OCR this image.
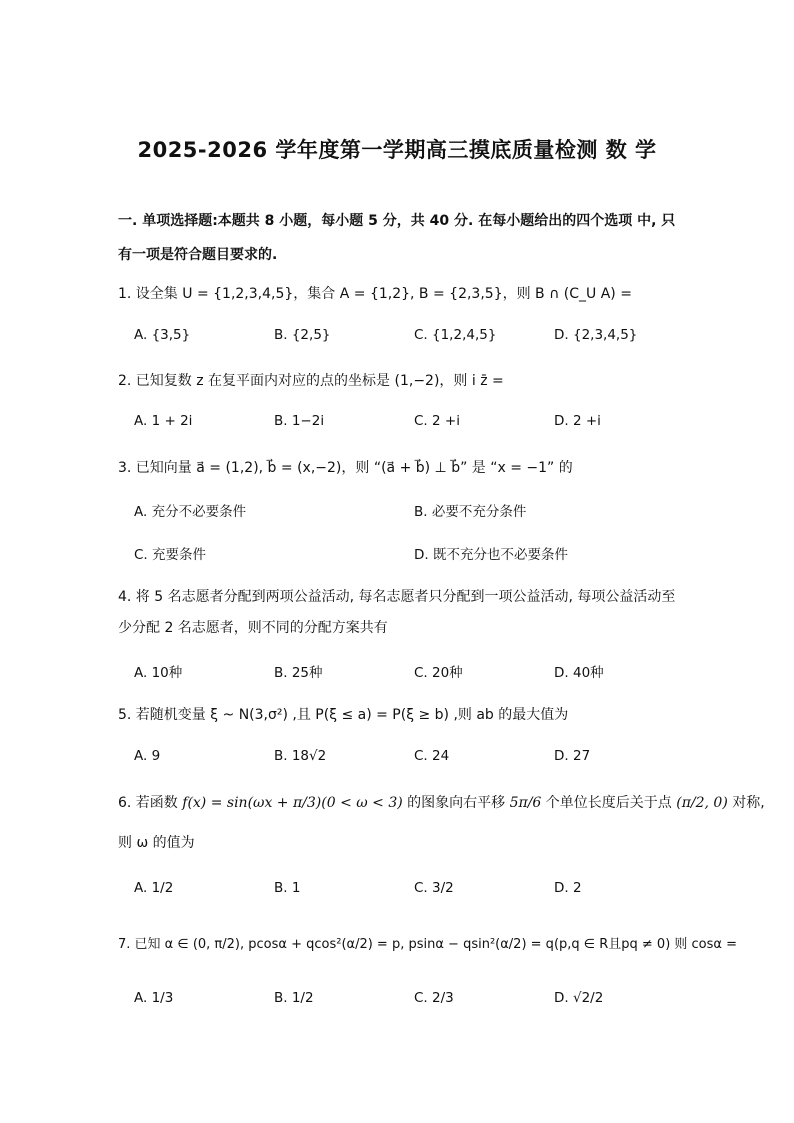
2025-2026 学年度第一学期高三摸底质量检测 数 学
一. 单项选择题:本题共 8 小题，每小题 5 分，共 40 分. 在每小题给出的四个选项 中, 只有一项是符合题目要求的.
1. 设全集 U = {1,2,3,4,5}，集合 A = {1,2}, B = {2,3,5}，则 B ∩ (C_U A) =
A. {3,5}	B. {2,5}	C. {1,2,4,5}	D. {2,3,4,5}
2. 已知复数 z 在复平面内对应的点的坐标是 (1,−2)，则 i z̄ =
A. 1 + 2i	B. 1−2i	C. 2 +i	D. 2 +i
3. 已知向量 a⃗ = (1,2), b⃗ = (x,−2)，则 “(a⃗ + b⃗) ⊥ b⃗” 是 “x = −1” 的
A. 充分不必要条件	B. 必要不充分条件
C. 充要条件	D. 既不充分也不必要条件
4. 将 5 名志愿者分配到两项公益活动, 每名志愿者只分配到一项公益活动, 每项公益活动至
少分配 2 名志愿者，则不同的分配方案共有
A. 10种	B. 25种	C. 20种	D. 40种
5. 若随机变量 ξ ~ N(3,σ²) ,且 P(ξ ≤ a) = P(ξ ≥ b) ,则 ab 的最大值为
A. 9	B. 18√2	C. 24	D. 27
6. 若函数 f(x) = sin(ωx + π/3)(0 < ω < 3) 的图象向右平移 5π/6 个单位长度后关于点 (π/2, 0) 对称,
则 ω 的值为
A. 1/2	B. 1	C. 3/2	D. 2
7. 已知 α ∈ (0, π/2), pcosα + qcos²(α/2) = p, psinα − qsin²(α/2) = q(p,q ∈ R且pq ≠ 0) 则 cosα =
A. 1/3	B. 1/2	C. 2/3	D. √2/2
